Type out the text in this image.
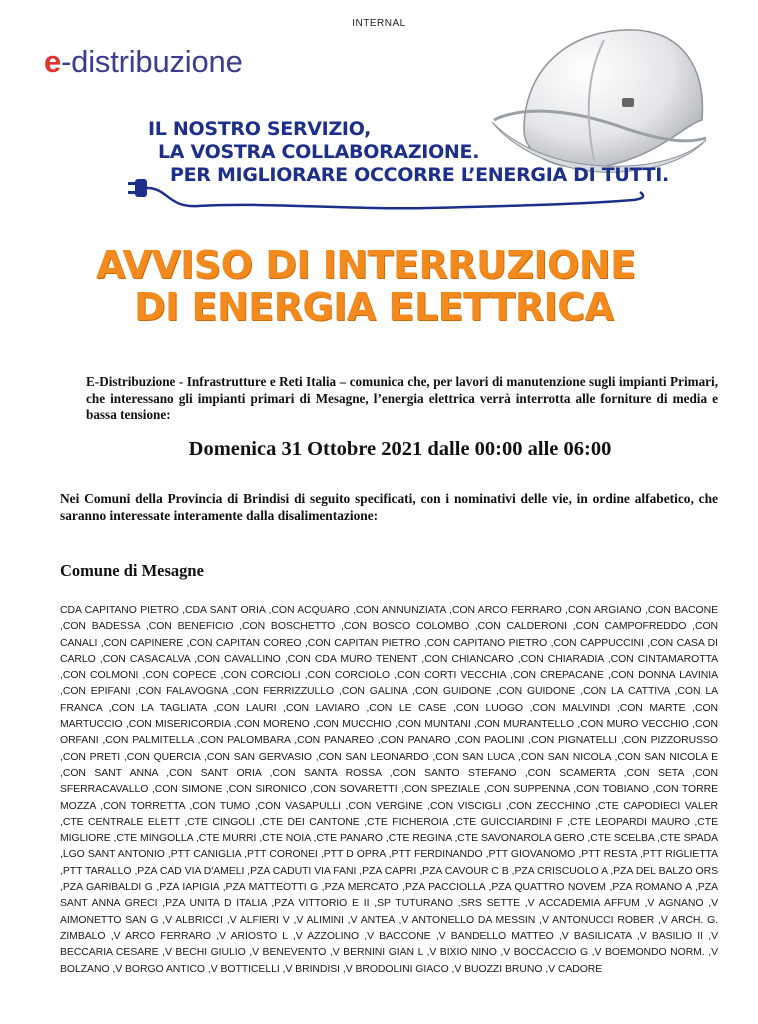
INTERNAL
e-distribuzione
IL NOSTRO SERVIZIO,
LA VOSTRA COLLABORAZIONE.
PER MIGLIORARE OCCORRE L’ENERGIA DI TUTTI.
AVVISO DI INTERRUZIONE
DI ENERGIA ELETTRICA
E-Distribuzione - Infrastrutture e Reti Italia – comunica che, per lavori di manutenzione sugli impianti Primari, che interessano gli impianti primari di Mesagne, l’energia elettrica verrà interrotta alle forniture di media e bassa tensione:
Domenica 31 Ottobre 2021 dalle 00:00 alle 06:00
Nei Comuni della Provincia di Brindisi di seguito specificati, con i nominativi delle vie, in ordine alfabetico, che saranno interessate interamente dalla disalimentazione:
Comune di Mesagne
CDA CAPITANO PIETRO ,CDA SANT ORIA ,CON ACQUARO ,CON ANNUNZIATA ,CON ARCO FERRARO ,CON ARGIANO ,CON BACONE ,CON BADESSA ,CON BENEFICIO ,CON BOSCHETTO ,CON BOSCO COLOMBO ,CON CALDERONI ,CON CAMPOFREDDO ,CON CANALI ,CON CAPINERE ,CON CAPITAN COREO ,CON CAPITAN PIETRO ,CON CAPITANO PIETRO ,CON CAPPUCCINI ,CON CASA DI CARLO ,CON CASACALVA ,CON CAVALLINO ,CON CDA MURO TENENT ,CON CHIANCARO ,CON CHIARADIA ,CON CINTAMAROTTA ,CON COLMONI ,CON COPECE ,CON CORCIOLI ,CON CORCIOLO ,CON CORTI VECCHIA ,CON CREPACANE ,CON DONNA LAVINIA ,CON EPIFANI ,CON FALAVOGNA ,CON FERRIZZULLO ,CON GALINA ,CON GUIDONE ,CON GUIDONE ,CON LA CATTIVA ,CON LA FRANCA ,CON LA TAGLIATA ,CON LAURI ,CON LAVIARO ,CON LE CASE ,CON LUOGO ,CON MALVINDI ,CON MARTE ,CON MARTUCCIO ,CON MISERICORDIA ,CON MORENO ,CON MUCCHIO ,CON MUNTANI ,CON MURANTELLO ,CON MURO VECCHIO ,CON ORFANI ,CON PALMITELLA ,CON PALOMBARA ,CON PANAREO ,CON PANARO ,CON PAOLINI ,CON PIGNATELLI ,CON PIZZORUSSO ,CON PRETI ,CON QUERCIA ,CON SAN GERVASIO ,CON SAN LEONARDO ,CON SAN LUCA ,CON SAN NICOLA ,CON SAN NICOLA E ,CON SANT ANNA ,CON SANT ORIA ,CON SANTA ROSSA ,CON SANTO STEFANO ,CON SCAMERTA ,CON SETA ,CON SFERRACAVALLO ,CON SIMONE ,CON SIRONICO ,CON SOVARETTI ,CON SPEZIALE ,CON SUPPENNA ,CON TOBIANO ,CON TORRE MOZZA ,CON TORRETTA ,CON TUMO ,CON VASAPULLI ,CON VERGINE ,CON VISCIGLI ,CON ZECCHINO ,CTE CAPODIECI VALER ,CTE CENTRALE ELETT ,CTE CINGOLI ,CTE DEI CANTONE ,CTE FICHEROIA ,CTE GUICCIARDINI F ,CTE LEOPARDI MAURO ,CTE MIGLIORE ,CTE MINGOLLA ,CTE MURRI ,CTE NOIA ,CTE PANARO ,CTE REGINA ,CTE SAVONAROLA GERO ,CTE SCELBA ,CTE SPADA ,LGO SANT ANTONIO ,PTT CANIGLIA ,PTT CORONEI ,PTT D OPRA ,PTT FERDINANDO ,PTT GIOVANOMO ,PTT RESTA ,PTT RIGLIETTA ,PTT TARALLO ,PZA CAD VIA D'AMELI ,PZA CADUTI VIA FANI ,PZA CAPRI ,PZA CAVOUR C B ,PZA CRISCUOLO A ,PZA DEL BALZO ORS ,PZA GARIBALDI G ,PZA IAPIGIA ,PZA MATTEOTTI G ,PZA MERCATO ,PZA PACCIOLLA ,PZA QUATTRO NOVEM ,PZA ROMANO A ,PZA SANT ANNA GRECI ,PZA UNITA D ITALIA ,PZA VITTORIO E II ,SP TUTURANO ,SRS SETTE ,V ACCADEMIA AFFUM ,V AGNANO ,V AIMONETTO SAN G ,V ALBRICCI ,V ALFIERI V ,V ALIMINI ,V ANTEA ,V ANTONELLO DA MESSIN ,V ANTONUCCI ROBER ,V ARCH. G. ZIMBALO ,V ARCO FERRARO ,V ARIOSTO L ,V AZZOLINO ,V BACCONE ,V BANDELLO MATTEO ,V BASILICATA ,V BASILIO II ,V BECCARIA CESARE ,V BECHI GIULIO ,V BENEVENTO ,V BERNINI GIAN L ,V BIXIO NINO ,V BOCCACCIO G ,V BOEMONDO NORM. ,V BOLZANO ,V BORGO ANTICO ,V BOTTICELLI ,V BRINDISI ,V BRODOLINI GIACO ,V BUOZZI BRUNO ,V CADORE
